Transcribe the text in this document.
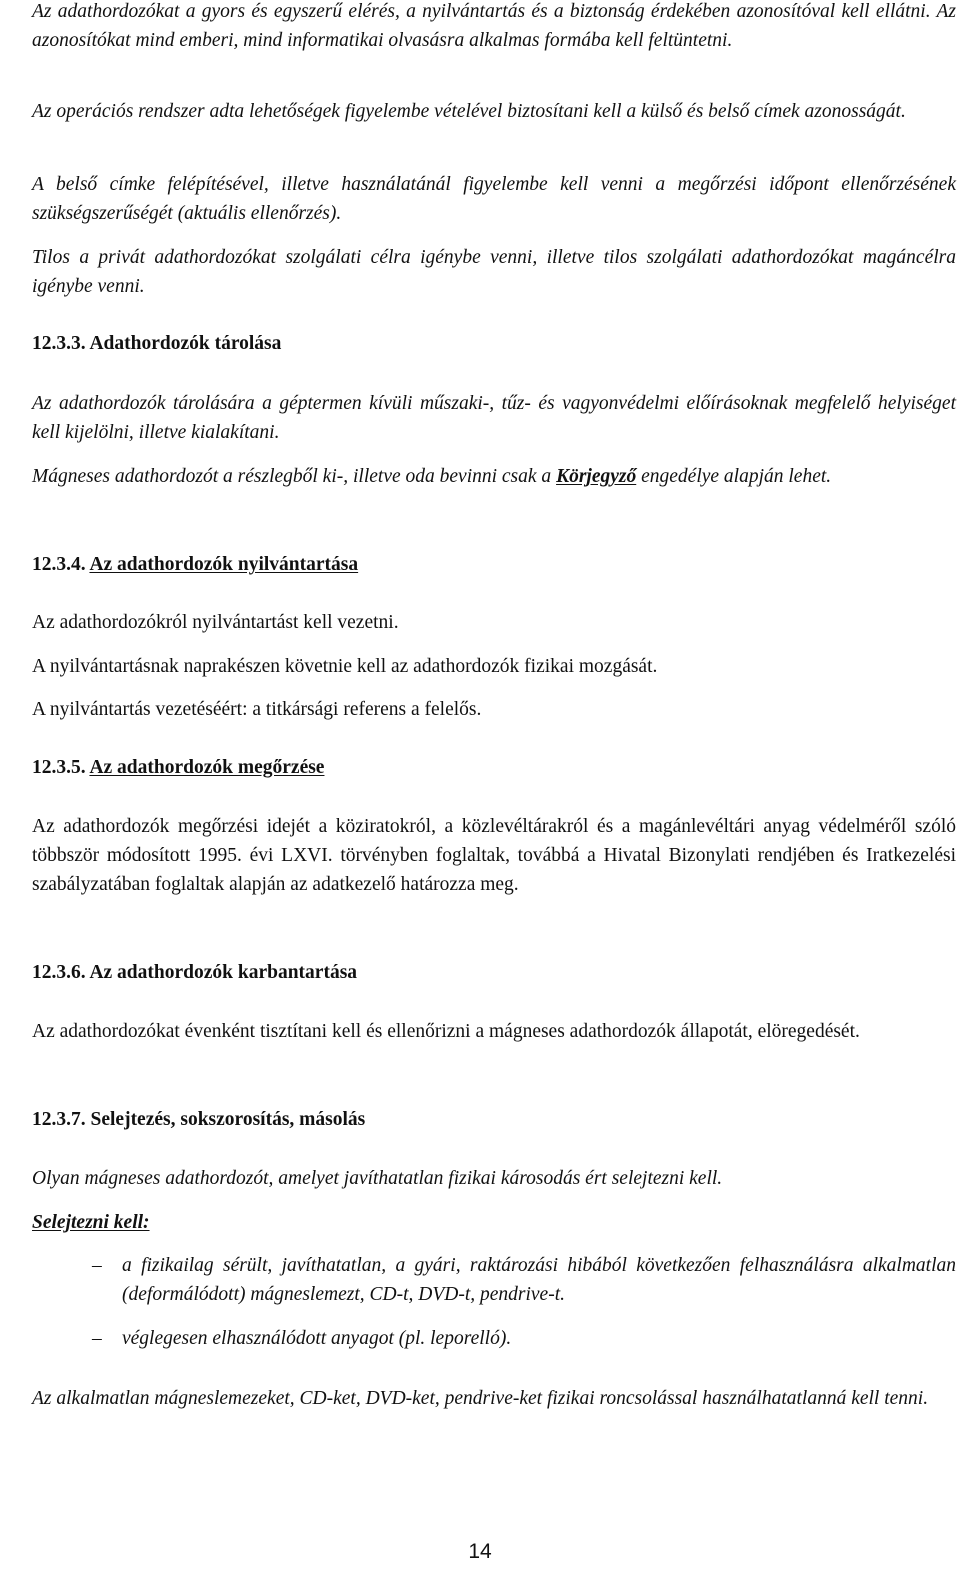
Az adathordozókat a gyors és egyszerű elérés, a nyilvántartás és a biztonság érdekében azonosítóval kell ellátni. Az azonosítókat mind emberi, mind informatikai olvasásra alkalmas formába kell feltüntetni.

Az operációs rendszer adta lehetőségek figyelembe vételével biztosítani kell a külső és belső címek azonosságát.

A belső címke felépítésével, illetve használatánál figyelembe kell venni a megőrzési időpont ellenőrzésének szükségszerűségét (aktuális ellenőrzés).

Tilos a privát adathordozókat szolgálati célra igénybe venni, illetve tilos szolgálati adathordozókat magáncélra igénybe venni.

12.3.3. Adathordozók tárolása

Az adathordozók tárolására a géptermen kívüli műszaki-, tűz- és vagyonvédelmi előírásoknak megfelelő helyiséget kell kijelölni, illetve kialakítani.

Mágneses adathordozót a részlegből ki-, illetve oda bevinni csak a Körjegyző engedélye alapján lehet.

12.3.4. Az adathordozók nyilvántartása

Az adathordozókról nyilvántartást kell vezetni.

A nyilvántartásnak naprakészen követnie kell az adathordozók fizikai mozgását.

A nyilvántartás vezetéséért: a titkársági referens a felelős.

12.3.5. Az adathordozók megőrzése

Az adathordozók megőrzési idejét a köziratokról, a közlevéltárakról és a magánlevéltári anyag védelméről szóló többször módosított 1995. évi LXVI. törvényben foglaltak, továbbá a Hivatal Bizonylati rendjében és Iratkezelési szabályzatában foglaltak alapján az adatkezelő határozza meg.

12.3.6. Az adathordozók karbantartása

Az adathordozókat évenként tisztítani kell és ellenőrizni a mágneses adathordozók állapotát, elöregedését.

12.3.7. Selejtezés, sokszorosítás, másolás

Olyan mágneses adathordozót, amelyet javíthatatlan fizikai károsodás ért selejtezni kell.

Selejtezni kell:

– a fizikailag sérült, javíthatatlan, a gyári, raktározási hibából következően felhasználásra alkalmatlan (deformálódott) mágneslemezt, CD-t, DVD-t, pendrive-t.
– véglegesen elhasználódott anyagot (pl. leporelló).

Az alkalmatlan mágneslemezeket, CD-ket, DVD-ket, pendrive-ket fizikai roncsolással használhatatlanná kell tenni.

14
